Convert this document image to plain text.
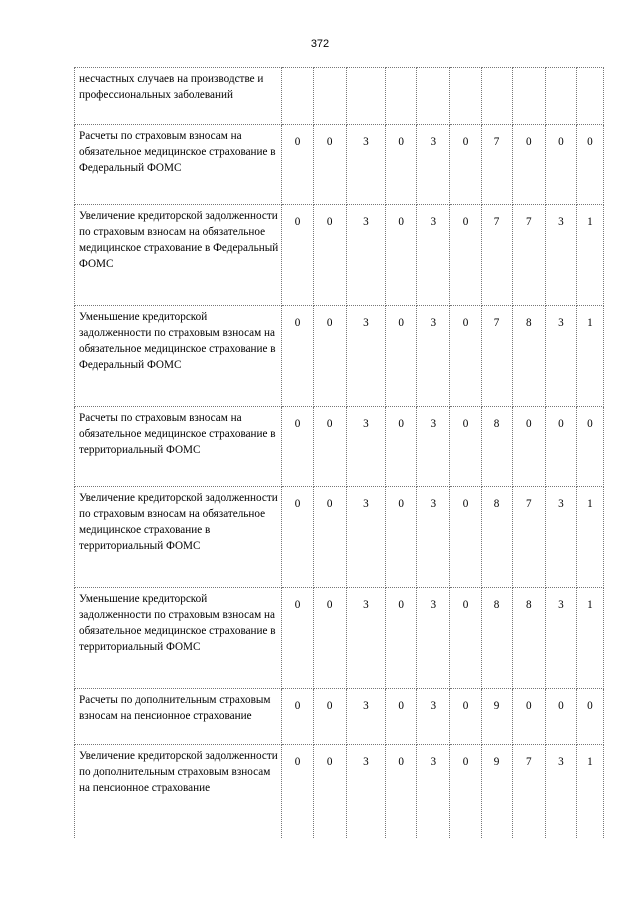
372
несчастных случаев на производстве и профессиональных заболеваний										
Расчеты по страховым взносам на обязательное медицинское страхование в Федеральный ФОМС	0	0	3	0	3	0	7	0	0	0
Увеличение кредиторской задолженности по страховым взносам на обязательное медицинское страхование в Федеральный ФОМС	0	0	3	0	3	0	7	7	3	1
Уменьшение кредиторской задолженности по страховым взносам на обязательное медицинское страхование в Федеральный ФОМС	0	0	3	0	3	0	7	8	3	1
Расчеты по страховым взносам на обязательное медицинское страхование в территориальный ФОМС	0	0	3	0	3	0	8	0	0	0
Увеличение кредиторской задолженности по страховым взносам на обязательное медицинское страхование в территориальный ФОМС	0	0	3	0	3	0	8	7	3	1
Уменьшение кредиторской задолженности по страховым взносам на обязательное медицинское страхование в территориальный ФОМС	0	0	3	0	3	0	8	8	3	1
Расчеты по дополнительным страховым взносам на пенсионное страхование	0	0	3	0	3	0	9	0	0	0
Увеличение кредиторской задолженности по дополнительным страховым взносам на пенсионное страхование	0	0	3	0	3	0	9	7	3	1
